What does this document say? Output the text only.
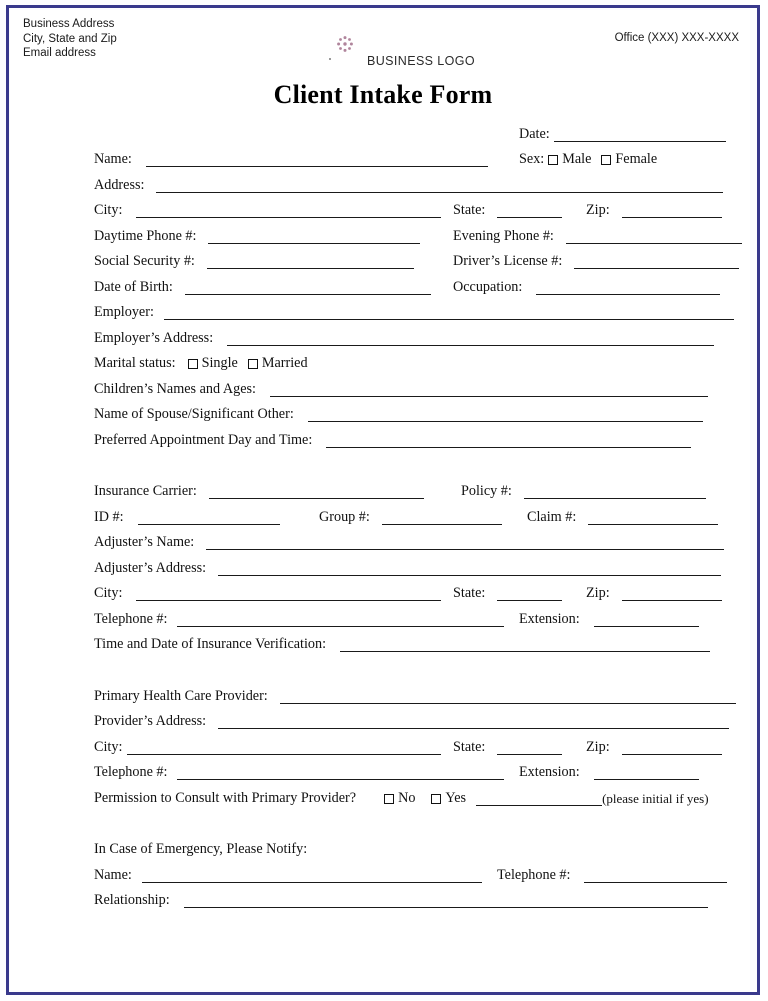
Business Address
City, State and Zip
Email address
BUSINESS LOGO
Office (XXX) XXX-XXXX
Client Intake Form
Date:
Name:	Sex: Male	Female
Address:
City:	State:	Zip:
Daytime Phone #:	Evening Phone #:
Social Security #:	Driver’s License #:
Date of Birth:	Occupation:
Employer:
Employer’s Address:
Marital status: Single	Married
Children’s Names and Ages:
Name of Spouse/Significant Other:
Preferred Appointment Day and Time:
Insurance Carrier:	Policy #:
ID #:	Group #:	Claim #:
Adjuster’s Name:
Adjuster’s Address:
City:	State:	Zip:
Telephone #:	Extension:
Time and Date of Insurance Verification:
Primary Health Care Provider:
Provider’s Address:
City:	State:	Zip:
Telephone #:	Extension:
Permission to Consult with Primary Provider?	No	Yes	(please initial if yes)
In Case of Emergency, Please Notify:
Name:	Telephone #:
Relationship:
